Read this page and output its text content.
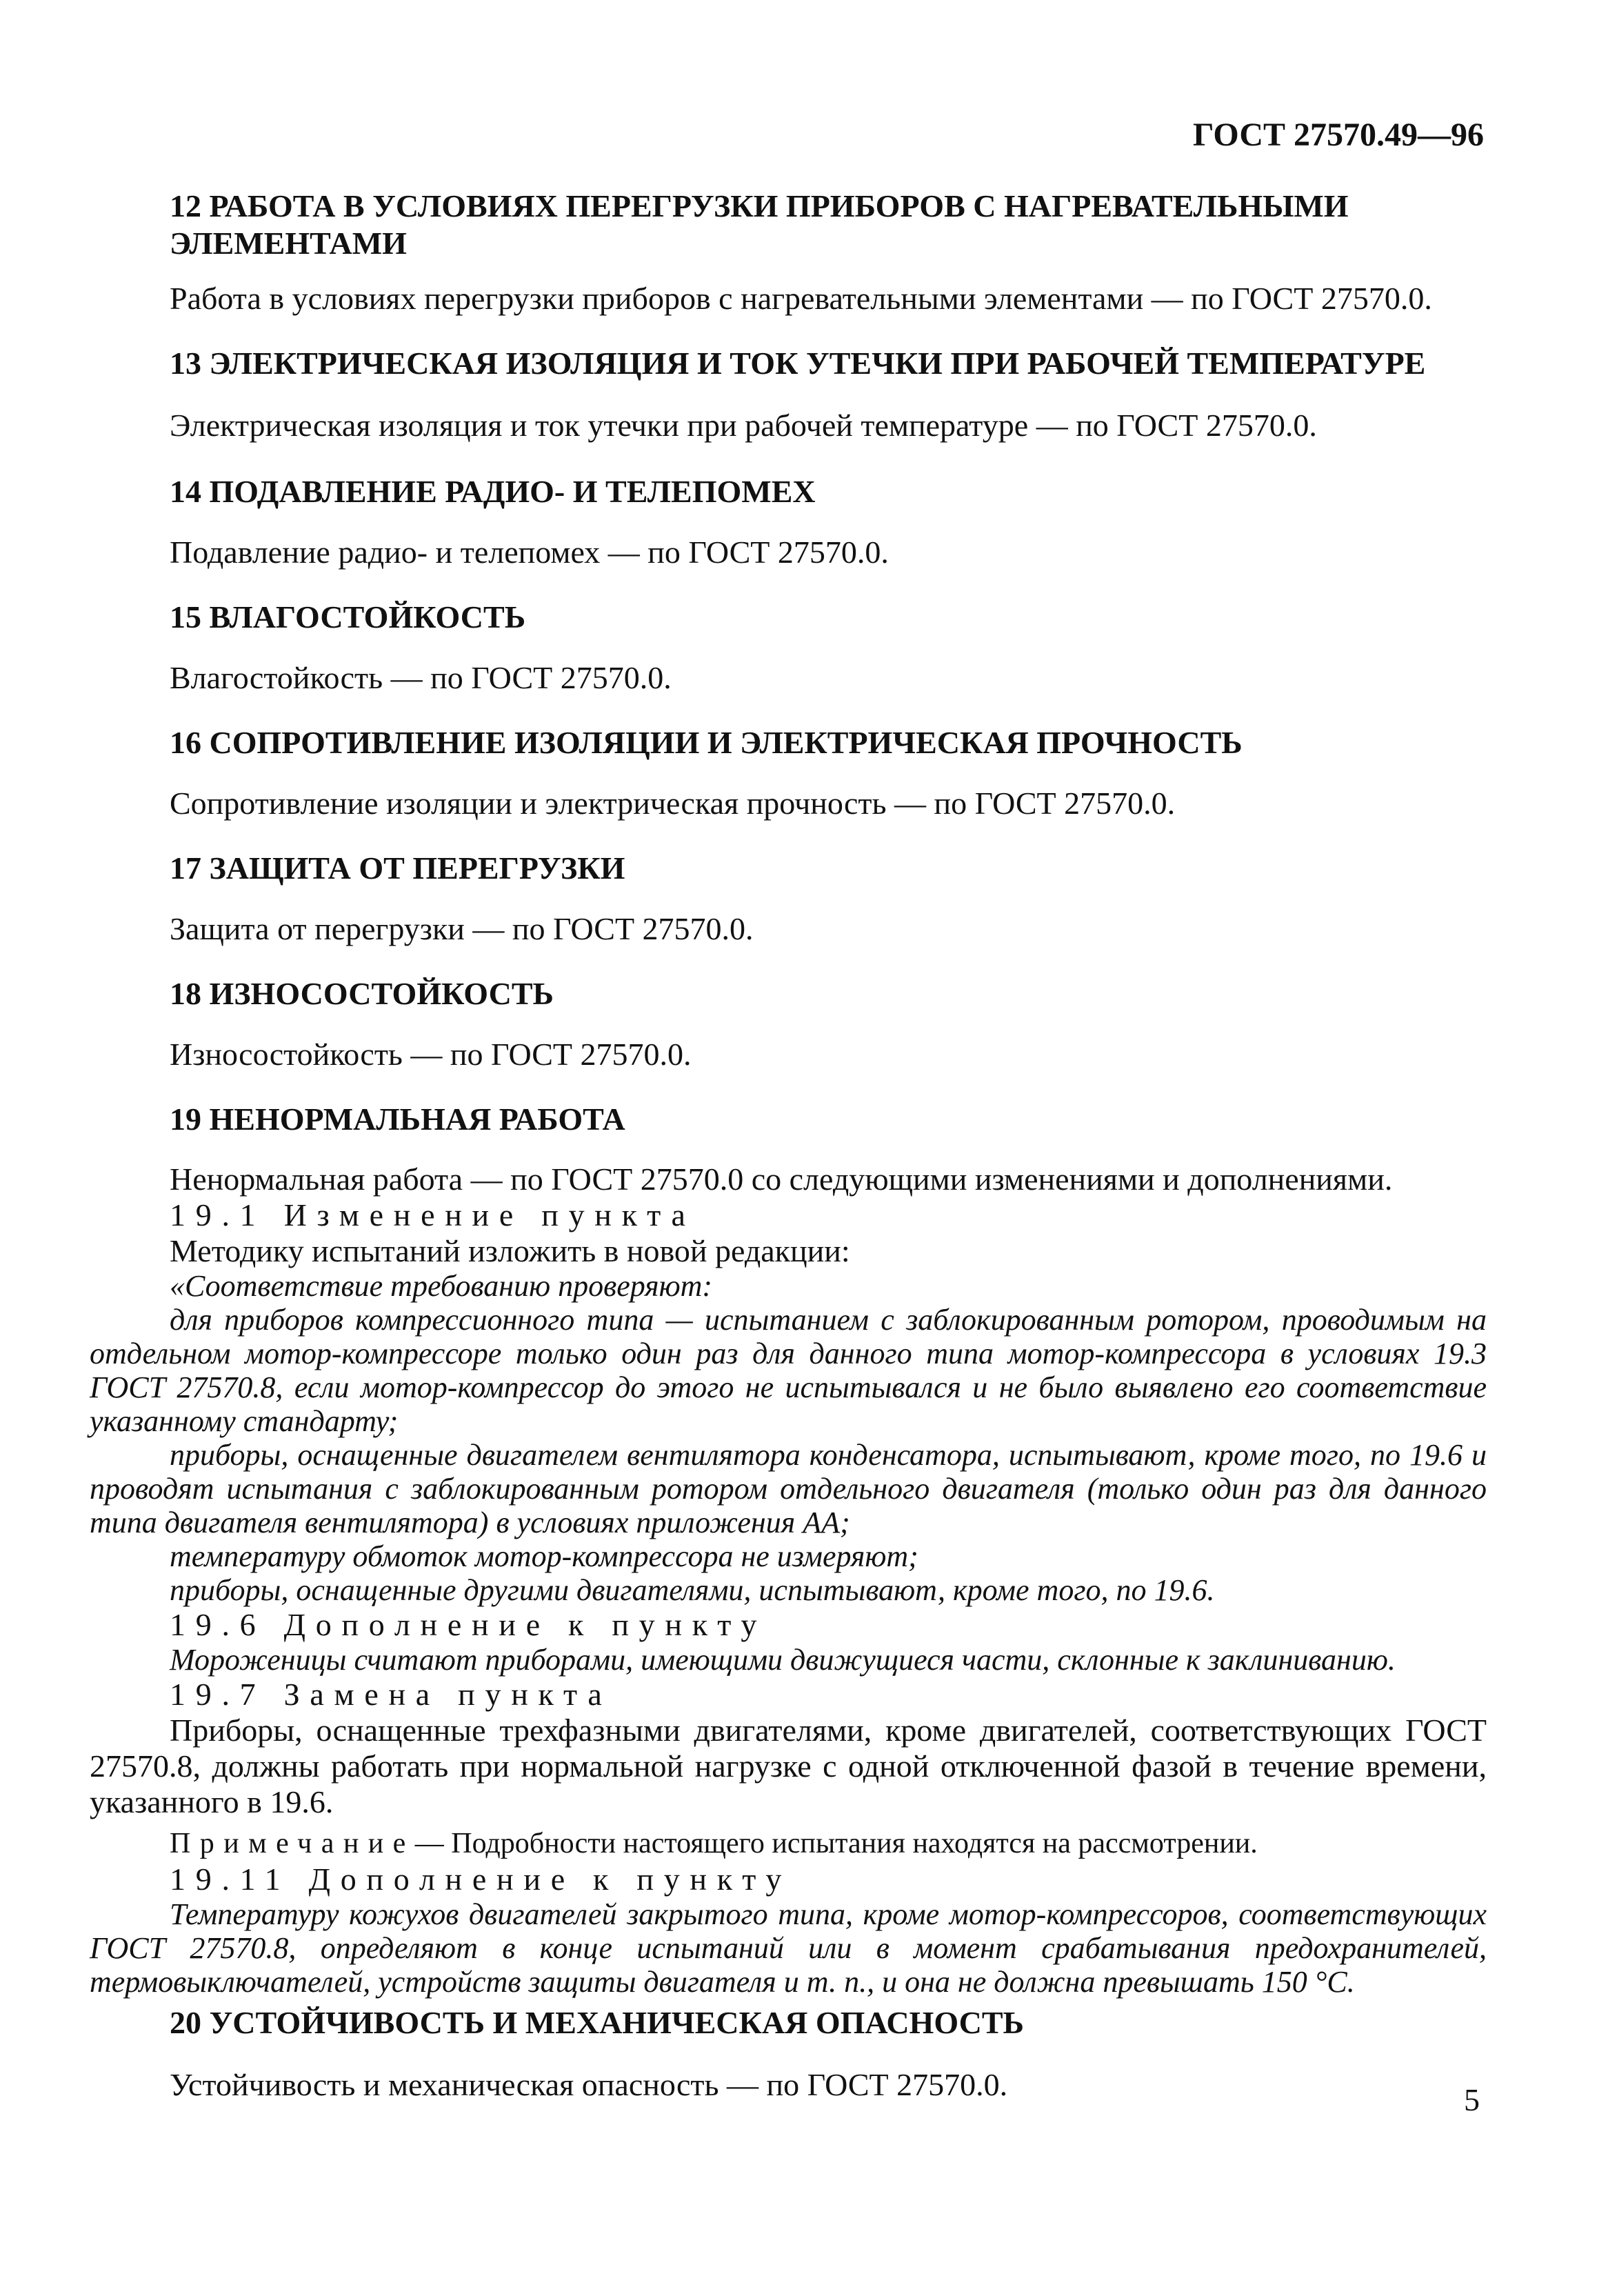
ГОСТ 27570.49—96

12 РАБОТА В УСЛОВИЯХ ПЕРЕГРУЗКИ ПРИБОРОВ С НАГРЕВАТЕЛЬНЫМИ

ЭЛЕМЕНТАМИ

Работа в условиях перегрузки приборов с нагревательными элементами — по ГОСТ 27570.0.

13 ЭЛЕКТРИЧЕСКАЯ ИЗОЛЯЦИЯ И ТОК УТЕЧКИ ПРИ РАБОЧЕЙ ТЕМПЕРАТУРЕ

Электрическая изоляция и ток утечки при рабочей температуре — по ГОСТ 27570.0.

14 ПОДАВЛЕНИЕ РАДИО- И ТЕЛЕПОМЕХ

Подавление радио- и телепомех — по ГОСТ 27570.0.

15 ВЛАГОСТОЙКОСТЬ

Влагостойкость — по ГОСТ 27570.0.

16 СОПРОТИВЛЕНИЕ ИЗОЛЯЦИИ И ЭЛЕКТРИЧЕСКАЯ ПРОЧНОСТЬ

Сопротивление изоляции и электрическая прочность — по ГОСТ 27570.0.

17 ЗАЩИТА ОТ ПЕРЕГРУЗКИ

Защита от перегрузки — по ГОСТ 27570.0.

18 ИЗНОСОСТОЙКОСТЬ

Износостойкость — по ГОСТ 27570.0.

19 НЕНОРМАЛЬНАЯ РАБОТА

Ненормальная работа — по ГОСТ 27570.0 со следующими изменениями и дополнениями.

19.1 Изменение пункта

Методику испытаний изложить в новой редакции:

«Соответствие требованию проверяют:

для приборов компрессионного типа — испытанием с заблокированным ротором, проводимым на отдельном мотор-компрессоре только один раз для данного типа мотор-компрессора в условиях 19.3 ГОСТ 27570.8, если мотор-компрессор до этого не испытывался и не было выявлено его соответствие указанному стандарту;

приборы, оснащенные двигателем вентилятора конденсатора, испытывают, кроме того, по 19.6 и проводят испытания с заблокированным ротором отдельного двигателя (только один раз для данного типа двигателя вентилятора) в условиях приложения АА;

температуру обмоток мотор-компрессора не измеряют;

приборы, оснащенные другими двигателями, испытывают, кроме того, по 19.6.

19.6 Дополнение к пункту

Мороженицы считают приборами, имеющими движущиеся части, склонные к заклиниванию.

19.7 Замена пункта

Приборы, оснащенные трехфазными двигателями, кроме двигателей, соответствующих ГОСТ 27570.8, должны работать при нормальной нагрузке с одной отключенной фазой в течение времени, указанного в 19.6.

Примечание— Подробности настоящего испытания находятся на рассмотрении.

19.11 Дополнение к пункту

Температуру кожухов двигателей закрытого типа, кроме мотор-компрессоров, соответствующих ГОСТ 27570.8, определяют в конце испытаний или в момент срабатывания предохранителей, термовыключателей, устройств защиты двигателя и т. п., и она не должна превышать 150 °С.

20 УСТОЙЧИВОСТЬ И МЕХАНИЧЕСКАЯ ОПАСНОСТЬ

Устойчивость и механическая опасность — по ГОСТ 27570.0.	5
